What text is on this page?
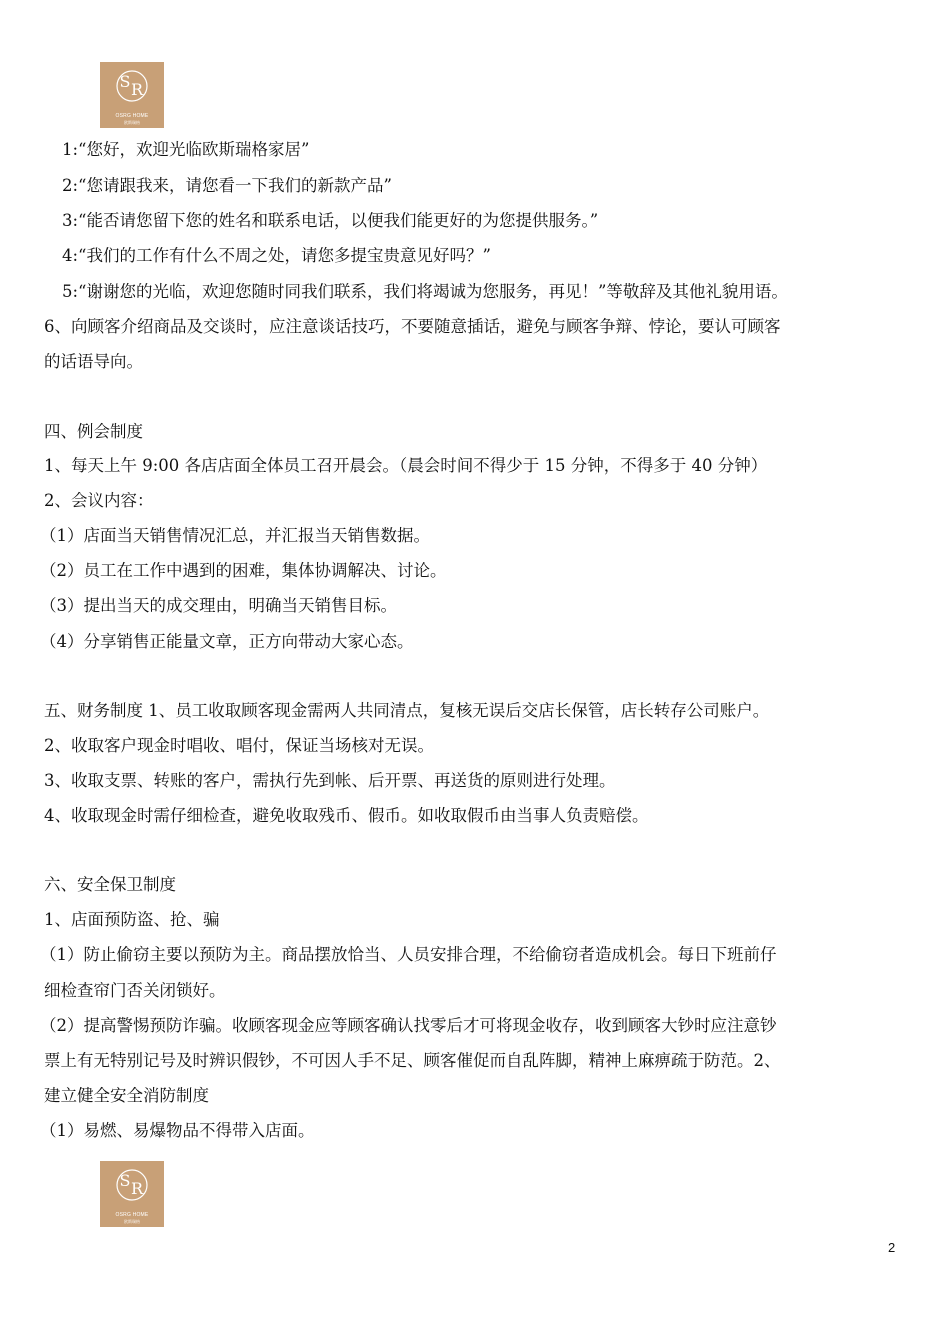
S R
OSRG HOME
欧斯瑞格
1:“您好，欢迎光临欧斯瑞格家居”
2:“您请跟我来，请您看一下我们的新款产品”
3:“能否请您留下您的姓名和联系电话，以便我们能更好的为您提供服务。”
4:“我们的工作有什么不周之处，请您多提宝贵意见好吗？”
5:“谢谢您的光临，欢迎您随时同我们联系，我们将竭诚为您服务，再见！”等敬辞及其他礼貌用语。
6、向顾客介绍商品及交谈时，应注意谈话技巧，不要随意插话，避免与顾客争辩、悖论，要认可顾客
的话语导向。
四、例会制度
1、每天上午 9:00 各店店面全体员工召开晨会。（晨会时间不得少于 15 分钟，不得多于 40 分钟）
2、会议内容：
（1）店面当天销售情况汇总，并汇报当天销售数据。
（2）员工在工作中遇到的困难，集体协调解决、讨论。
（3）提出当天的成交理由，明确当天销售目标。
（4）分享销售正能量文章，正方向带动大家心态。
五、财务制度 1、员工收取顾客现金需两人共同清点，复核无误后交店长保管，店长转存公司账户。
2、收取客户现金时唱收、唱付，保证当场核对无误。
3、收取支票、转账的客户，需执行先到帐、后开票、再送货的原则进行处理。
4、收取现金时需仔细检查，避免收取残币、假币。如收取假币由当事人负责赔偿。
六、安全保卫制度
1、店面预防盗、抢、骗
（1）防止偷窃主要以预防为主。商品摆放恰当、人员安排合理，不给偷窃者造成机会。每日下班前仔
细检查帘门否关闭锁好。
（2）提高警惕预防诈骗。收顾客现金应等顾客确认找零后才可将现金收存，收到顾客大钞时应注意钞
票上有无特别记号及时辨识假钞，不可因人手不足、顾客催促而自乱阵脚，精神上麻痹疏于防范。2、
建立健全安全消防制度
（1）易燃、易爆物品不得带入店面。
S R
OSRG HOME
欧斯瑞格
2
